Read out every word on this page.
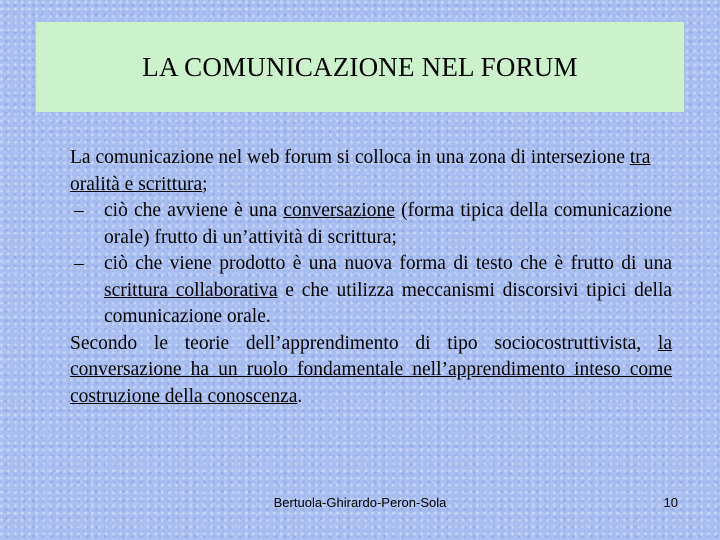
LA COMUNICAZIONE NEL FORUM

La comunicazione nel web forum si colloca in una zona di intersezione tra oralità e scrittura;

– ciò che avviene è una conversazione (forma tipica della comunicazione orale) frutto di un’attività di scrittura;

– ciò che viene prodotto è una nuova forma di testo che è frutto di una scrittura collaborativa e che utilizza meccanismi discorsivi tipici della comunicazione orale.

Secondo le teorie dell’apprendimento di tipo sociocostruttivista, la conversazione ha un ruolo fondamentale nell’apprendimento inteso come costruzione della conoscenza.

Bertuola-Ghirardo-Peron-Sola	10
